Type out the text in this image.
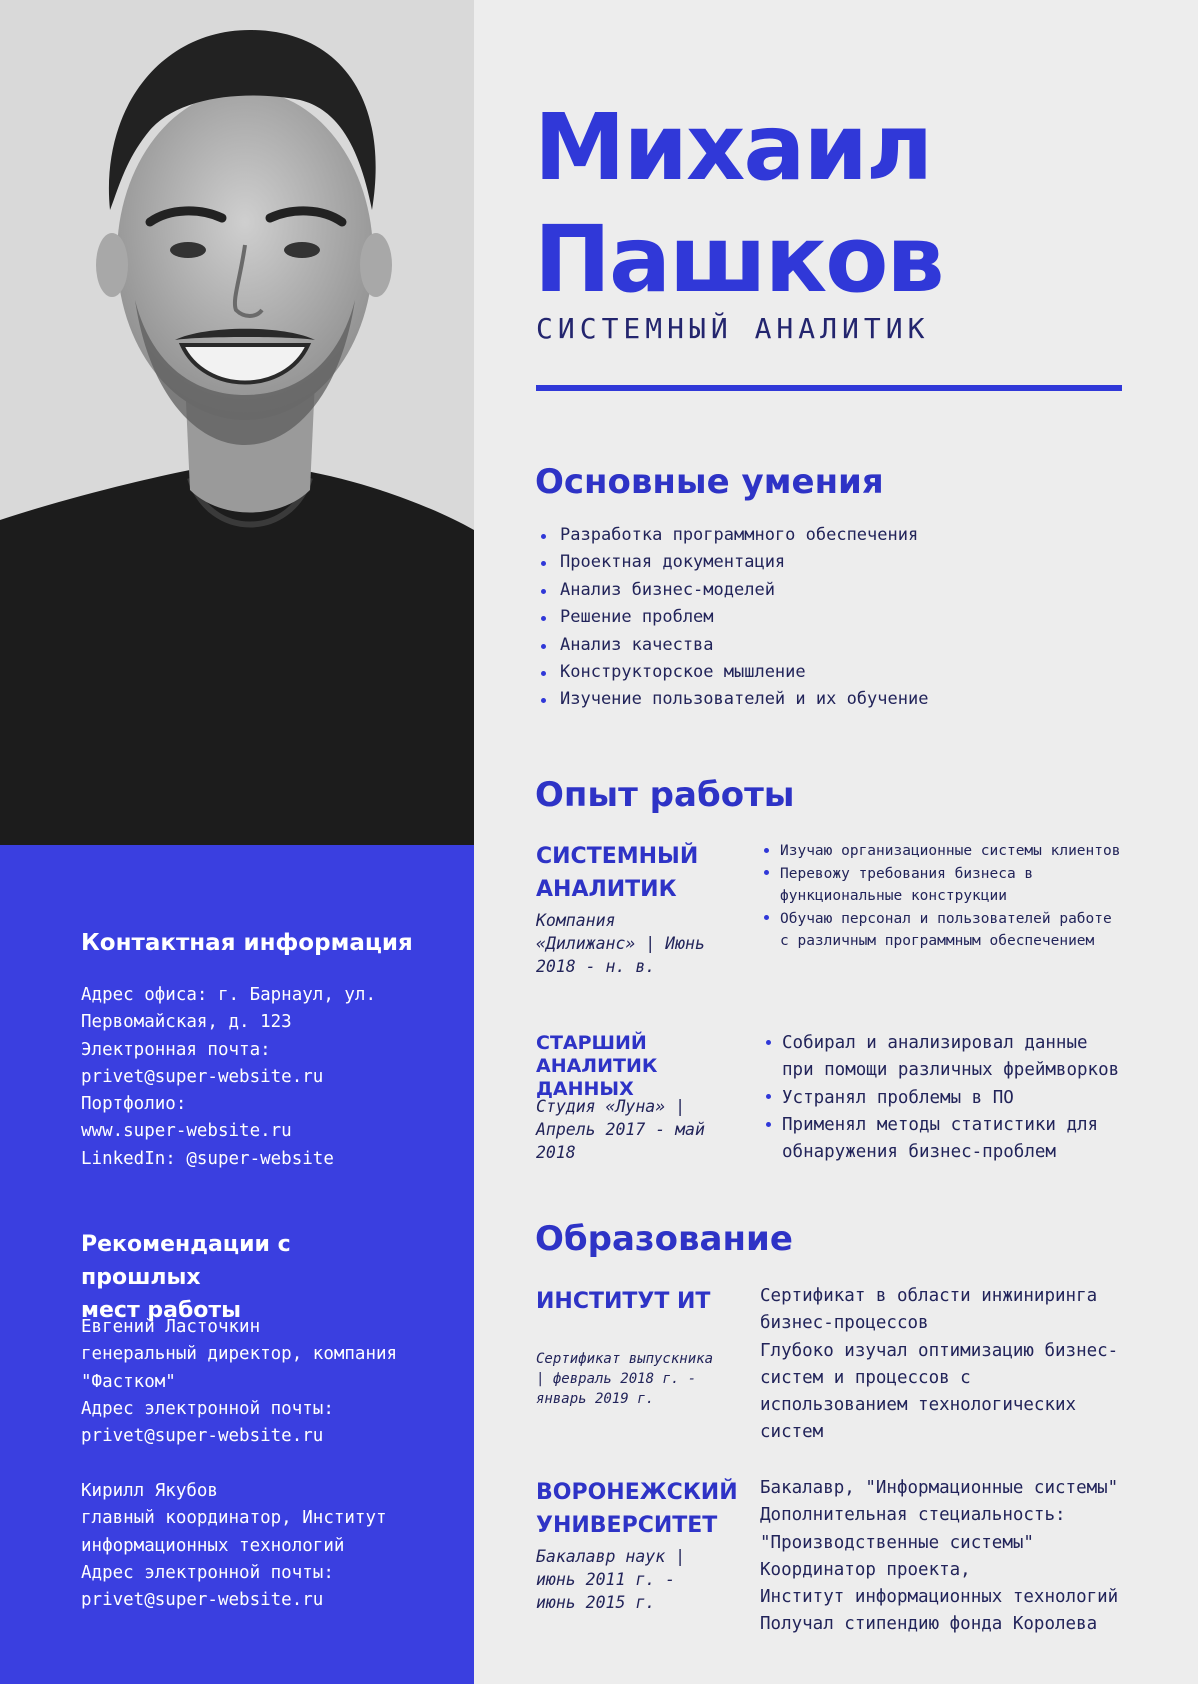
Контактная информация
Адрес офиса: г. Барнаул, ул.
Первомайская, д. 123
Электронная почта:
privet@super-website.ru
Портфолио:
www.super-website.ru
LinkedIn: @super-website
Рекомендации с прошлых
мест работы
Евгений Ласточкин
генеральный директор, компания
"Фастком"
Адрес электронной почты:
privet@super-website.ru
Кирилл Якубов
главный координатор, Институт
информационных технологий
Адрес электронной почты:
privet@super-website.ru
Михаил
Пашков
СИСТЕМНЫЙ АНАЛИТИК
Основные умения
Разработка программного обеспечения
Проектная документация
Анализ бизнес-моделей
Решение проблем
Анализ качества
Конструкторское мышление
Изучение пользователей и их обучение
Опыт работы
СИСТЕМНЫЙ
АНАЛИТИК
Компания
«Дилижанс» | Июнь
2018 - н. в.
Изучаю организационные системы клиентов
Перевожу требования бизнеса в
функциональные конструкции
Обучаю персонал и пользователей работе
с различным программным обеспечением
СТАРШИЙ
АНАЛИТИК ДАННЫХ
Студия «Луна» |
Апрель 2017 - май
2018
Собирал и анализировал данные
при помощи различных фреймворков
Устранял проблемы в ПО
Применял методы статистики для
обнаружения бизнес-проблем
Образование
ИНСТИТУТ ИТ
Сертификат выпускника
| февраль 2018 г. -
январь 2019 г.
Сертификат в области инжиниринга
бизнес-процессов
Глубоко изучал оптимизацию бизнес-
систем и процессов с
использованием технологических
систем
ВОРОНЕЖСКИЙ
УНИВЕРСИТЕТ
Бакалавр наук |
июнь 2011 г. -
июнь 2015 г.
Бакалавр, "Информационные системы"
Дополнительная стециальность:
"Производственные системы"
Координатор проекта,
Институт информационных технологий
Получал стипендию фонда Королева
